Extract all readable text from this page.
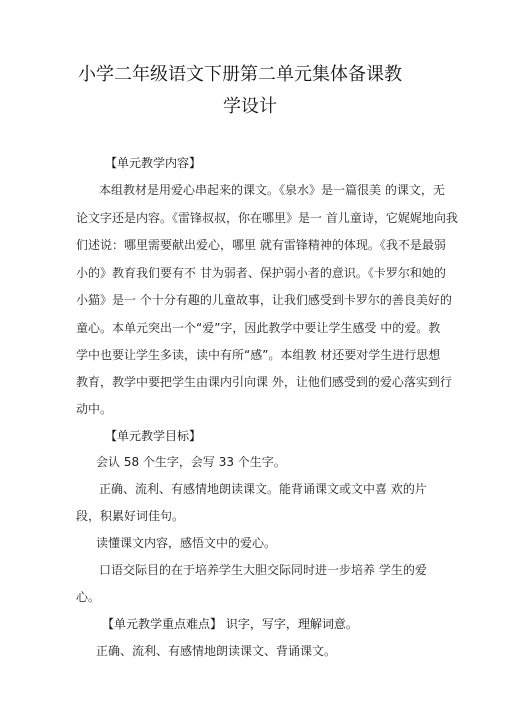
小学二年级语文下册第二单元集体备课教
学设计
【单元教学内容】
本组教材是用爱心串起来的课文。《泉水》是一篇很美 的课文，无
论文字还是内容。《雷锋叔叔，你在哪里》是一 首儿童诗，它娓娓地向我
们述说：哪里需要献出爱心，哪里 就有雷锋精神的体现。《我不是最弱
小的》教育我们要有不 甘为弱者、保护弱小者的意识。《卡罗尔和她的
小猫》是一 个十分有趣的儿童故事，让我们感受到卡罗尔的善良美好的
童心。本单元突出一个“爱”字，因此教学中要让学生感受 中的爱。教
学中也要让学生多读，读中有所“感”。本组教 材还要对学生进行思想
教育，教学中要把学生由课内引向课 外，让他们感受到的爱心落实到行
动中。
【单元教学目标】
会认 58 个生字，会写 33 个生字。
正确、流利、有感情地朗读课文。能背诵课文或文中喜 欢的片
段，积累好词佳句。
读懂课文内容，感悟文中的爱心。
口语交际目的在于培养学生大胆交际同时进一步培养 学生的爱
心。
【单元教学重点难点】 识字，写字，理解词意。
正确、流利、有感情地朗读课文、背诵课文。
